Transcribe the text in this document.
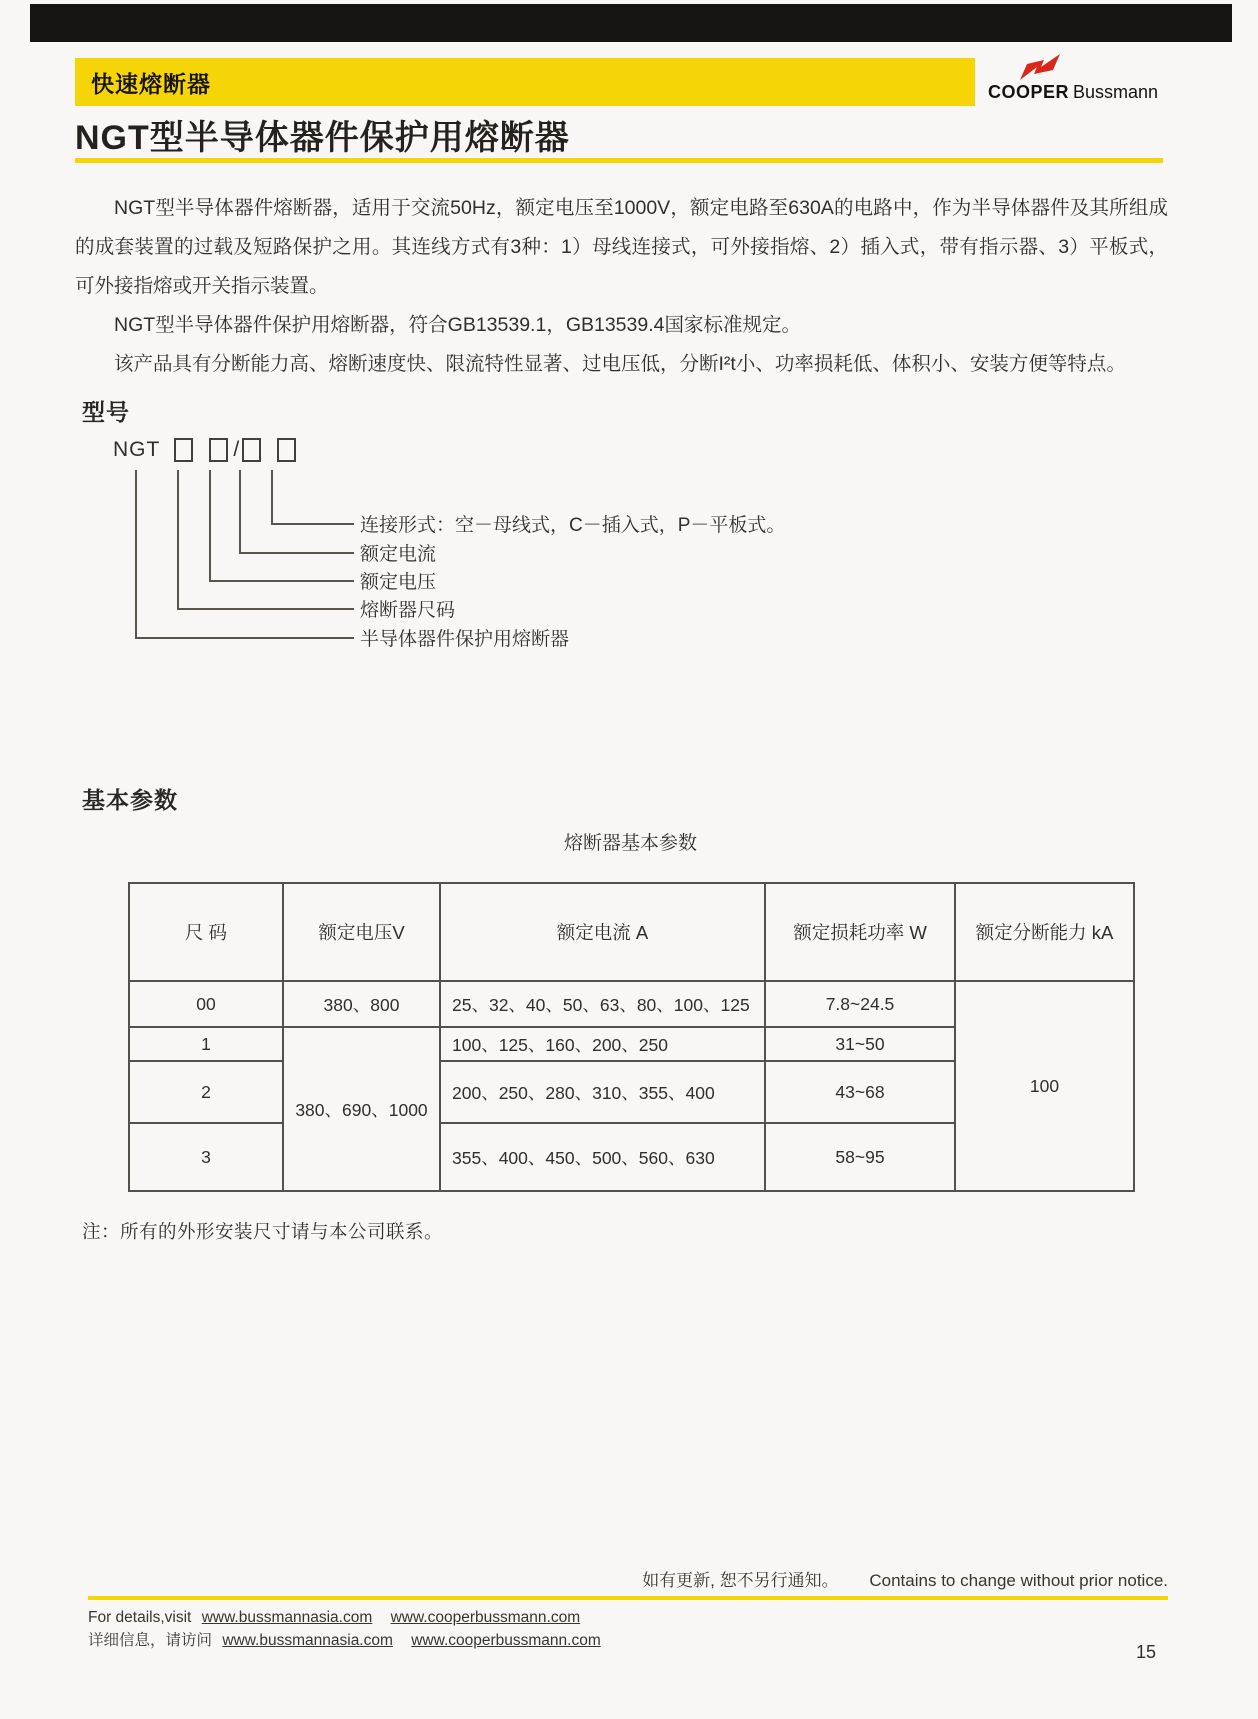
快速熔断器	COOPER Bussmann
NGT型半导体器件保护用熔断器

NGT型半导体器件熔断器，适用于交流50Hz，额定电压至1000V，额定电路至630A的电路中，作为半导体器件及其所组成的成套装置的过载及短路保护之用。其连线方式有3种：1）母线连接式，可外接指熔、2）插入式，带有指示器、3）平板式，可外接指熔或开关指示装置。

NGT型半导体器件保护用熔断器，符合GB13539.1，GB13539.4国家标准规定。

该产品具有分断能力高、熔断速度快、限流特性显著、过电压低，分断I²t小、功率损耗低、体积小、安装方便等特点。

型号
NGT	/
连接形式：空－母线式，C－插入式，P－平板式。
额定电流
额定电压
熔断器尺码
半导体器件保护用熔断器
基本参数
熔断器基本参数
尺 码	额定电压V	额定电流 A	额定损耗功率 W	额定分断能力 kA
00	380、800	25、32、40、50、63、80、100、125	7.8~24.5	100
1	380、690、1000	100、125、160、200、250	31~50	
2		200、250、280、310、355、400	43~68	
3		355、400、450、500、560、630	58~95	
注：所有的外形安装尺寸请与本公司联系。
如有更新, 恕不另行通知。 Contains to change without prior notice.
For details,visit www.bussmannasia.com www.cooperbussmann.com
详细信息，请访问 www.bussmannasia.com www.cooperbussmann.com
15
